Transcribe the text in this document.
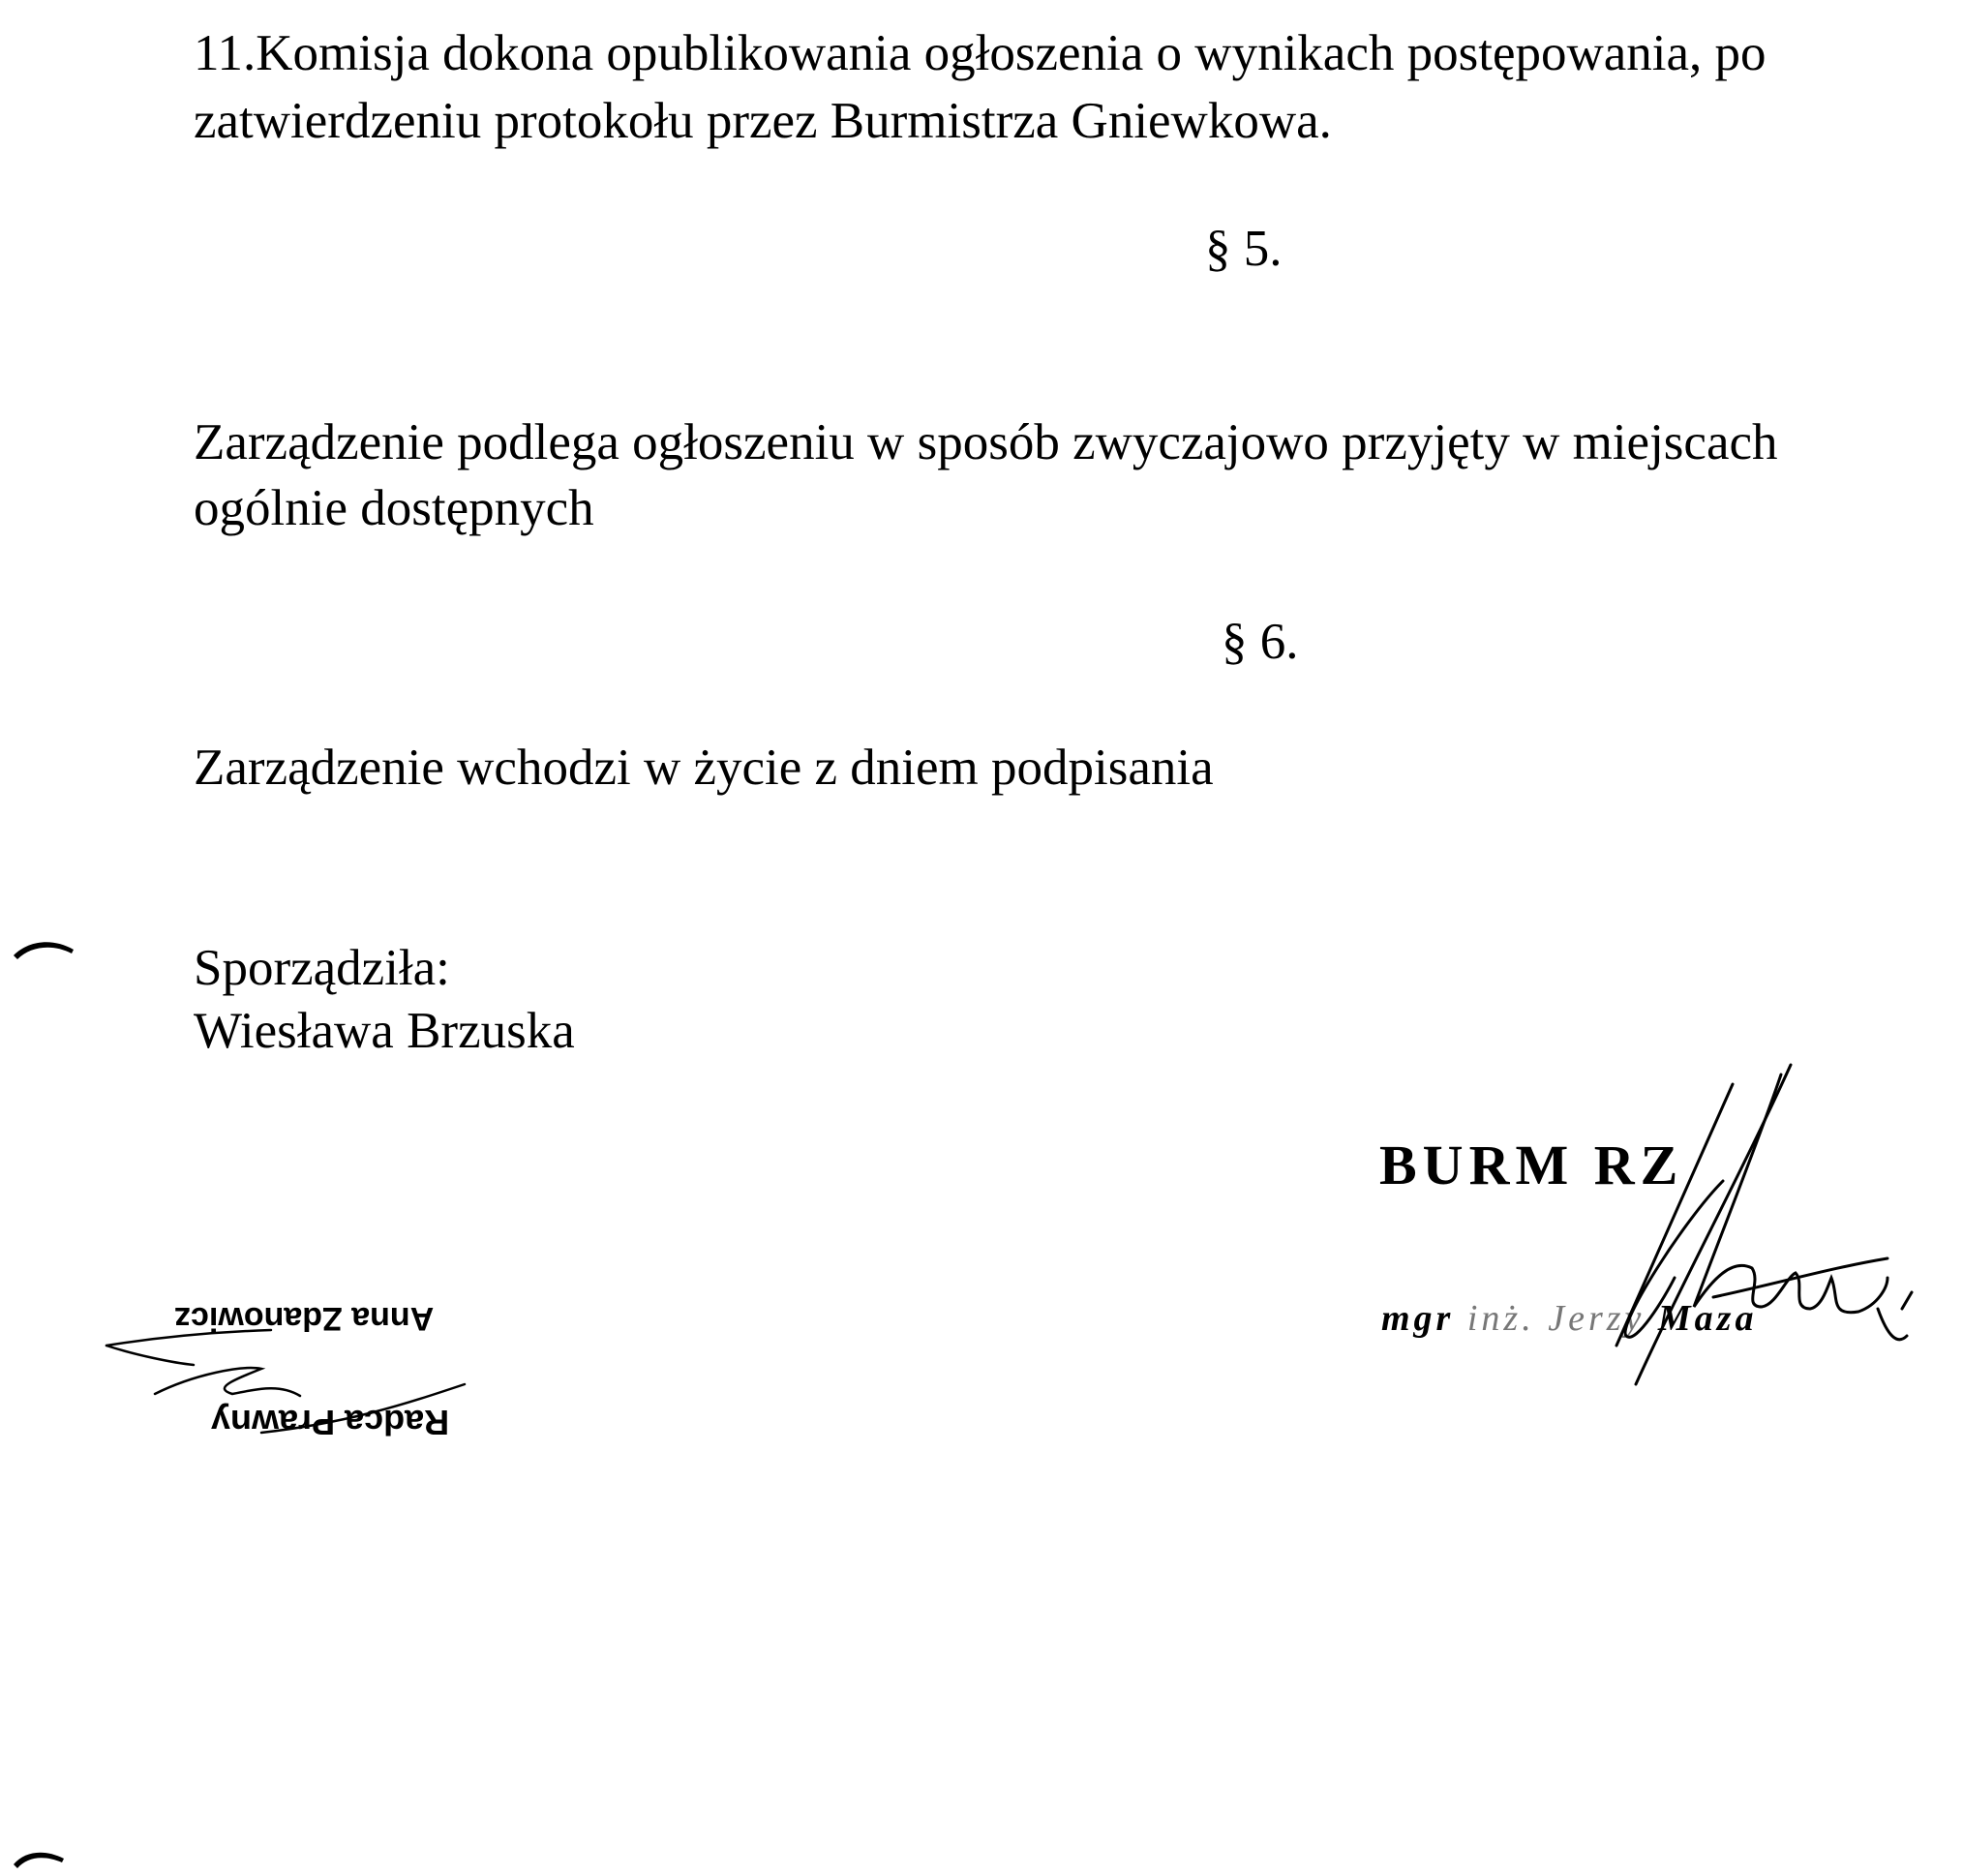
11.Komisja dokona opublikowania ogłoszenia o wynikach postępowania, po

zatwierdzeniu protokołu przez Burmistrza Gniewkowa.

§ 5.

Zarządzenie podlega ogłoszeniu w sposób zwyczajowo przyjęty w miejscach

ogólnie dostępnych

§ 6.

Zarządzenie wchodzi w życie z dniem podpisania

Sporządziła:

Wiesława Brzuska

BURM RZ
mgr inż. Jerzy Maza
Anna Zdanowicz
Radca Prawny
